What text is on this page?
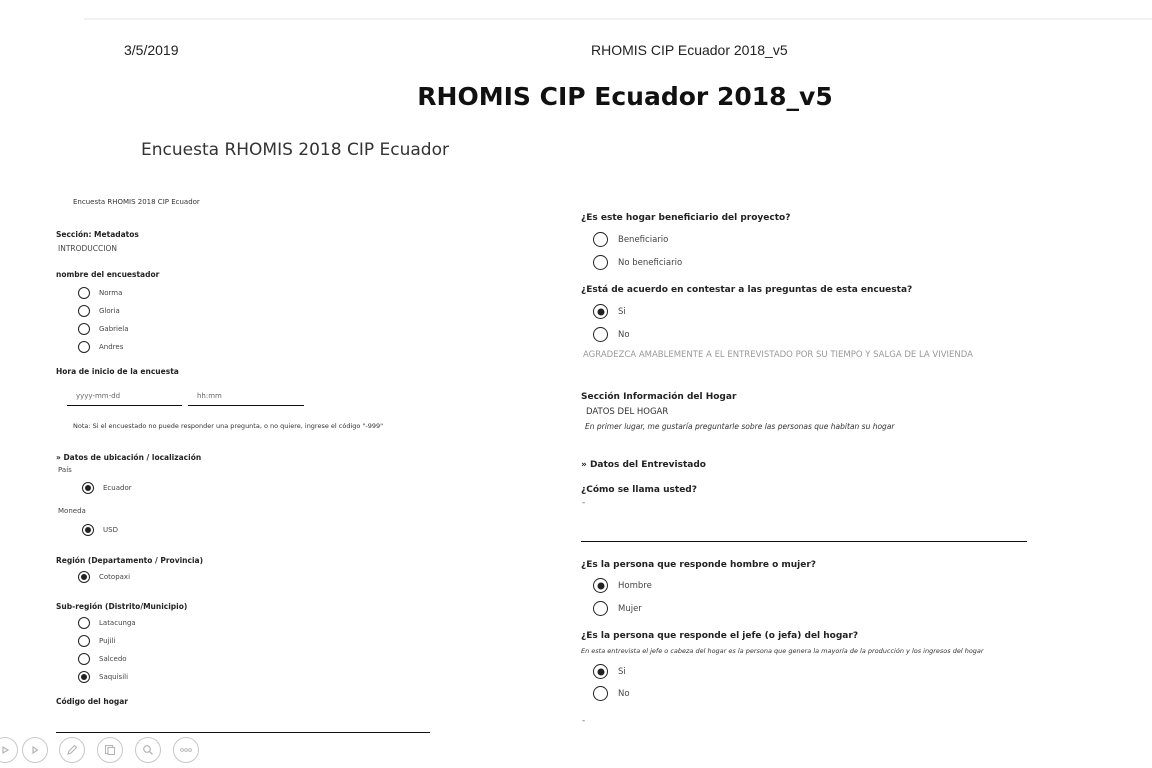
3/5/2019	RHOMIS CIP Ecuador 2018_v5
RHOMIS CIP Ecuador 2018_v5
Encuesta RHOMIS 2018 CIP Ecuador
Encuesta RHOMIS 2018 CIP Ecuador
Sección: Metadatos
INTRODUCCION
nombre del encuestador
Norma
Gloria
Gabriela
Andres
Hora de inicio de la encuesta
yyyy-mm-dd	hh:mm
Nota: Si el encuestado no puede responder una pregunta, o no quiere, ingrese el código "-999"
» Datos de ubicación / localización
País
Ecuador
Moneda
USD
Región (Departamento / Provincia)
Cotopaxi
Sub-región (Distrito/Municipio)
Latacunga
Pujili
Salcedo
Saquisili
Código del hogar
¿Es este hogar beneficiario del proyecto?
Beneficiario
No beneficiario
¿Está de acuerdo en contestar a las preguntas de esta encuesta?
Si
No
AGRADEZCA AMABLEMENTE A EL ENTREVISTADO POR SU TIEMPO Y SALGA DE LA VIVIENDA
Sección Información del Hogar
DATOS DEL HOGAR
En primer lugar, me gustaría preguntarle sobre las personas que habitan su hogar
» Datos del Entrevistado
¿Cómo se llama usted?
-
¿Es la persona que responde hombre o mujer?
Hombre
Mujer
¿Es la persona que responde el jefe (o jefa) del hogar?
En esta entrevista el jefe o cabeza del hogar es la persona que genera la mayoría de la producción y los ingresos del hogar
Si
No
-
